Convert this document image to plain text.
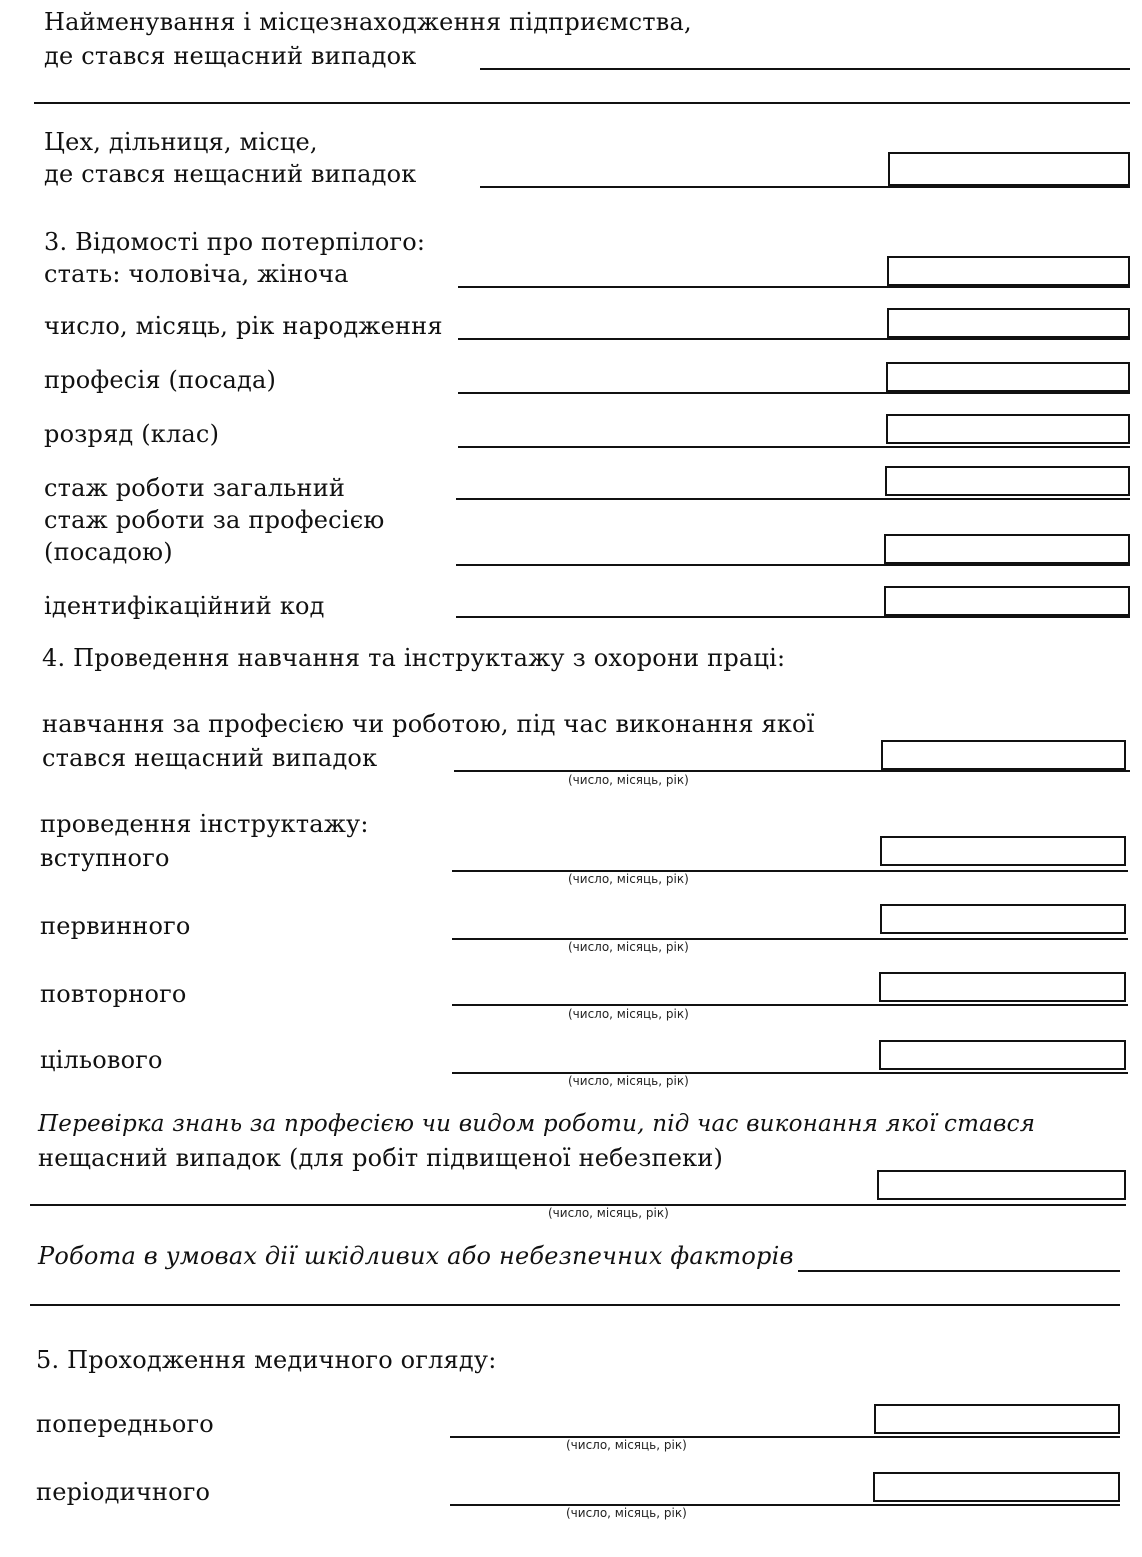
Найменування і місцезнаходження підприємства,
де стався нещасний випадок
Цех, дільниця, місце,
де стався нещасний випадок
3. Відомості про потерпілого:
стать: чоловіча, жіноча
число, місяць, рік народження
професія (посада)
розряд (клас)
стаж роботи загальний
стаж роботи за професією
(посадою)
ідентифікаційний код
4. Проведення навчання та інструктажу з охорони праці:
навчання за професією чи роботою, під час виконання якої
стався нещасний випадок
(число, місяць, рік)
проведення інструктажу:
вступного
(число, місяць, рік)
первинного
(число, місяць, рік)
повторного
(число, місяць, рік)
цільового
(число, місяць, рік)
Перевірка знань за професією чи видом роботи, під час виконання якої стався
нещасний випадок (для робіт підвищеної небезпеки)
(число, місяць, рік)
Робота в умовах дії шкідливих або небезпечних факторів
5. Проходження медичного огляду:
попереднього
(число, місяць, рік)
періодичного
(число, місяць, рік)
